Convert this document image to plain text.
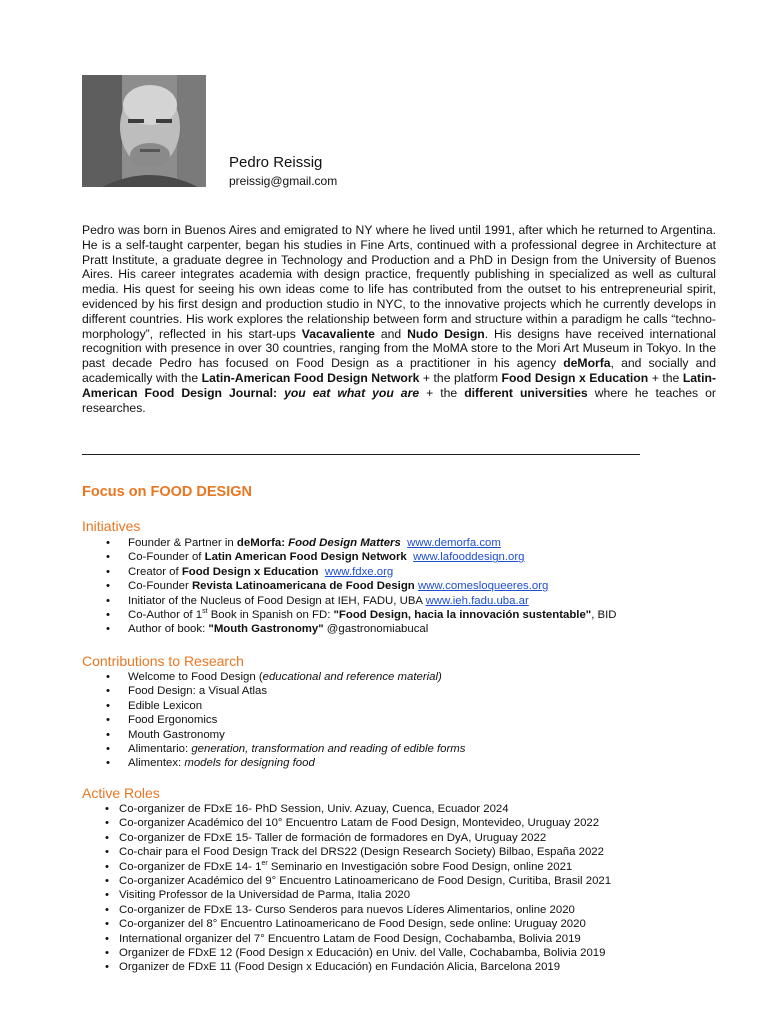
Pedro Reissig
preissig@gmail.com

Pedro was born in Buenos Aires and emigrated to NY where he lived until 1991, after which he returned to Argentina. He is a self-taught carpenter, began his studies in Fine Arts, continued with a professional degree in Architecture at Pratt Institute, a graduate degree in Technology and Production and a PhD in Design from the University of Buenos Aires. His career integrates academia with design practice, frequently publishing in specialized as well as cultural media. His quest for seeing his own ideas come to life has contributed from the outset to his entrepreneurial spirit, evidenced by his first design and production studio in NYC, to the innovative projects which he currently develops in different countries. His work explores the relationship between form and structure within a paradigm he calls “techno-morphology”, reflected in his start-ups Vacavaliente and Nudo Design. His designs have received international recognition with presence in over 30 countries, ranging from the MoMA store to the Mori Art Museum in Tokyo. In the past decade Pedro has focused on Food Design as a practitioner in his agency deMorfa, and socially and academically with the Latin-American Food Design Network + the platform Food Design x Education + the Latin-American Food Design Journal: you eat what you are + the different universities where he teaches or researches.

Focus on FOOD DESIGN
Initiatives
• Founder & Partner in deMorfa: Food Design Matters www.demorfa.com
• Co-Founder of Latin American Food Design Network www.lafooddesign.org
• Creator of Food Design x Education www.fdxe.org
• Co-Founder Revista Latinoamericana de Food Design www.comesloqueeres.org
• Initiator of the Nucleus of Food Design at IEH, FADU, UBA www.ieh.fadu.uba.ar
• Co-Author of 1st Book in Spanish on FD: "Food Design, hacia la innovación sustentable", BID
• Author of book: "Mouth Gastronomy" @gastronomiabucal
Contributions to Research
• Welcome to Food Design (educational and reference material)
• Food Design: a Visual Atlas
• Edible Lexicon
• Food Ergonomics
• Mouth Gastronomy
• Alimentario: generation, transformation and reading of edible forms
• Alimentex: models for designing food
Active Roles
• Co-organizer de FDxE 16- PhD Session, Univ. Azuay, Cuenca, Ecuador 2024
• Co-organizer Académico del 10° Encuentro Latam de Food Design, Montevideo, Uruguay 2022
• Co-organizer de FDxE 15- Taller de formación de formadores en DyA, Uruguay 2022
• Co-chair para el Food Design Track del DRS22 (Design Research Society) Bilbao, España 2022
• Co-organizer de FDxE 14- 1er Seminario en Investigación sobre Food Design, online 2021
• Co-organizer Académico del 9° Encuentro Latinoamericano de Food Design, Curitiba, Brasil 2021
• Visiting Professor de la Universidad de Parma, Italia 2020
• Co-organizer de FDxE 13- Curso Senderos para nuevos Líderes Alimentarios, online 2020
• Co-organizer del 8° Encuentro Latinoamericano de Food Design, sede online: Uruguay 2020
• International organizer del 7° Encuentro Latam de Food Design, Cochabamba, Bolivia 2019
• Organizer de FDxE 12 (Food Design x Educación) en Univ. del Valle, Cochabamba, Bolivia 2019
• Organizer de FDxE 11 (Food Design x Educación) en Fundación Alicia, Barcelona 2019
